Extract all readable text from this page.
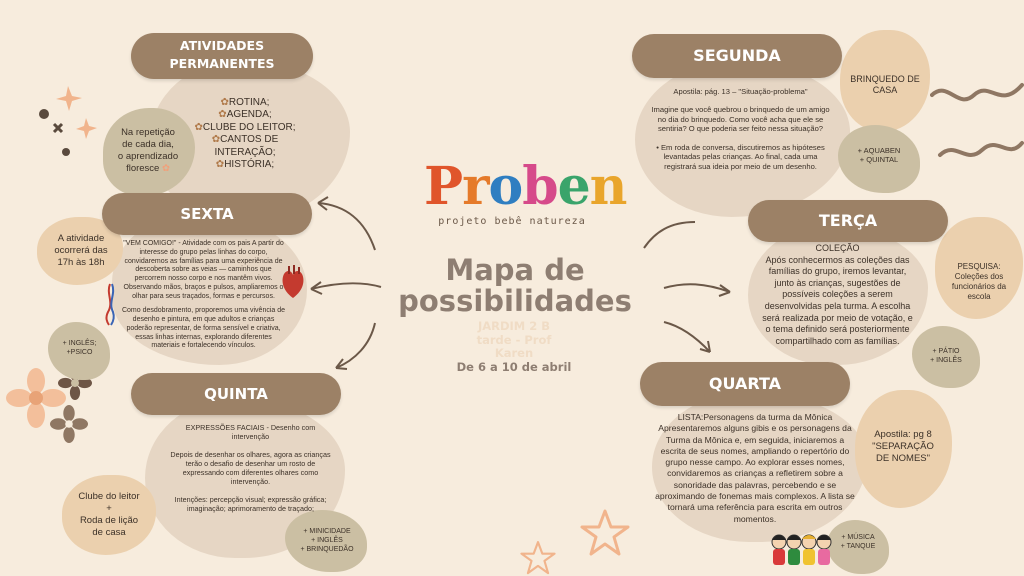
ATIVIDADES
PERMANENTES
✿ROTINA;
✿AGENDA;
✿CLUBE DO LEITOR;
✿CANTOS DE INTERAÇÃO;
✿HISTÓRIA;
Na repetição
de cada dia,
o aprendizado
floresce ✿
SEXTA
A atividade
ocorrerá das
17h às 18h
"VEM COMIGO!" - Atividade com os pais A partir do interesse do grupo pelas linhas do corpo, convidaremos as famílias para uma experiência de descoberta sobre as veias — caminhos que percorrem nosso corpo e nos mantêm vivos. Observando mãos, braços e pulsos, ampliaremos o olhar para seus traçados, formas e percursos.
Como desdobramento, proporemos uma vivência de desenho e pintura, em que adultos e crianças poderão representar, de forma sensível e criativa, essas linhas internas, explorando diferentes materiais e fortalecendo vínculos.
+ INGLÊS;
+PSICO
QUINTA
EXPRESSÕES FACIAIS - Desenho com intervenção
Depois de desenhar os olhares, agora as crianças terão o desafio de desenhar um rosto de expressando com diferentes olhares como intervenção.
Intenções: percepção visual; expressão gráfica; imaginação; aprimoramento de traçado;
Clube do leitor
+
Roda de lição
de casa	+ MINICIDADE
+ INGLÊS
+ BRINQUEDÃO
Proben
projeto bebê natureza
Mapa de
possibilidades
JARDIM 2 B
tarde - Prof
Karen
De 6 a 10 de abril
SEGUNDA
Apostila: pág. 13 – "Situação-problema"
Imagine que você quebrou o brinquedo de um amigo no dia do brinquedo. Como você acha que ele se sentiria? O que poderia ser feito nessa situação?
• Em roda de conversa, discutiremos as hipóteses levantadas pelas crianças. Ao final, cada uma registrará sua ideia por meio de um desenho.
BRINQUEDO DE
CASA
+ AQUABEN
+ QUINTAL
TERÇA
COLEÇÃO
Após conhecermos as coleções das famílias do grupo, iremos levantar, junto às crianças, sugestões de possíveis coleções a serem desenvolvidas pela turma. A escolha será realizada por meio de votação, e o tema definido será posteriormente compartilhado com as famílias.
PESQUISA:
Coleções dos
funcionários da
escola
+ PÁTIO
+ INGLÊS
QUARTA
LISTA:Personagens da turma da Mônica Apresentaremos alguns gibis e os personagens da Turma da Mônica e, em seguida, iniciaremos a escrita de seus nomes, ampliando o repertório do grupo nesse campo. Ao explorar esses nomes, convidaremos as crianças a refletirem sobre a sonoridade das palavras, percebendo e se aproximando de fonemas mais complexos. A lista se tornará uma referência para escrita em outros momentos.
Apostila: pg 8
"SEPARAÇÃO
DE NOMES"
+ MÚSICA
+ TANQUE
